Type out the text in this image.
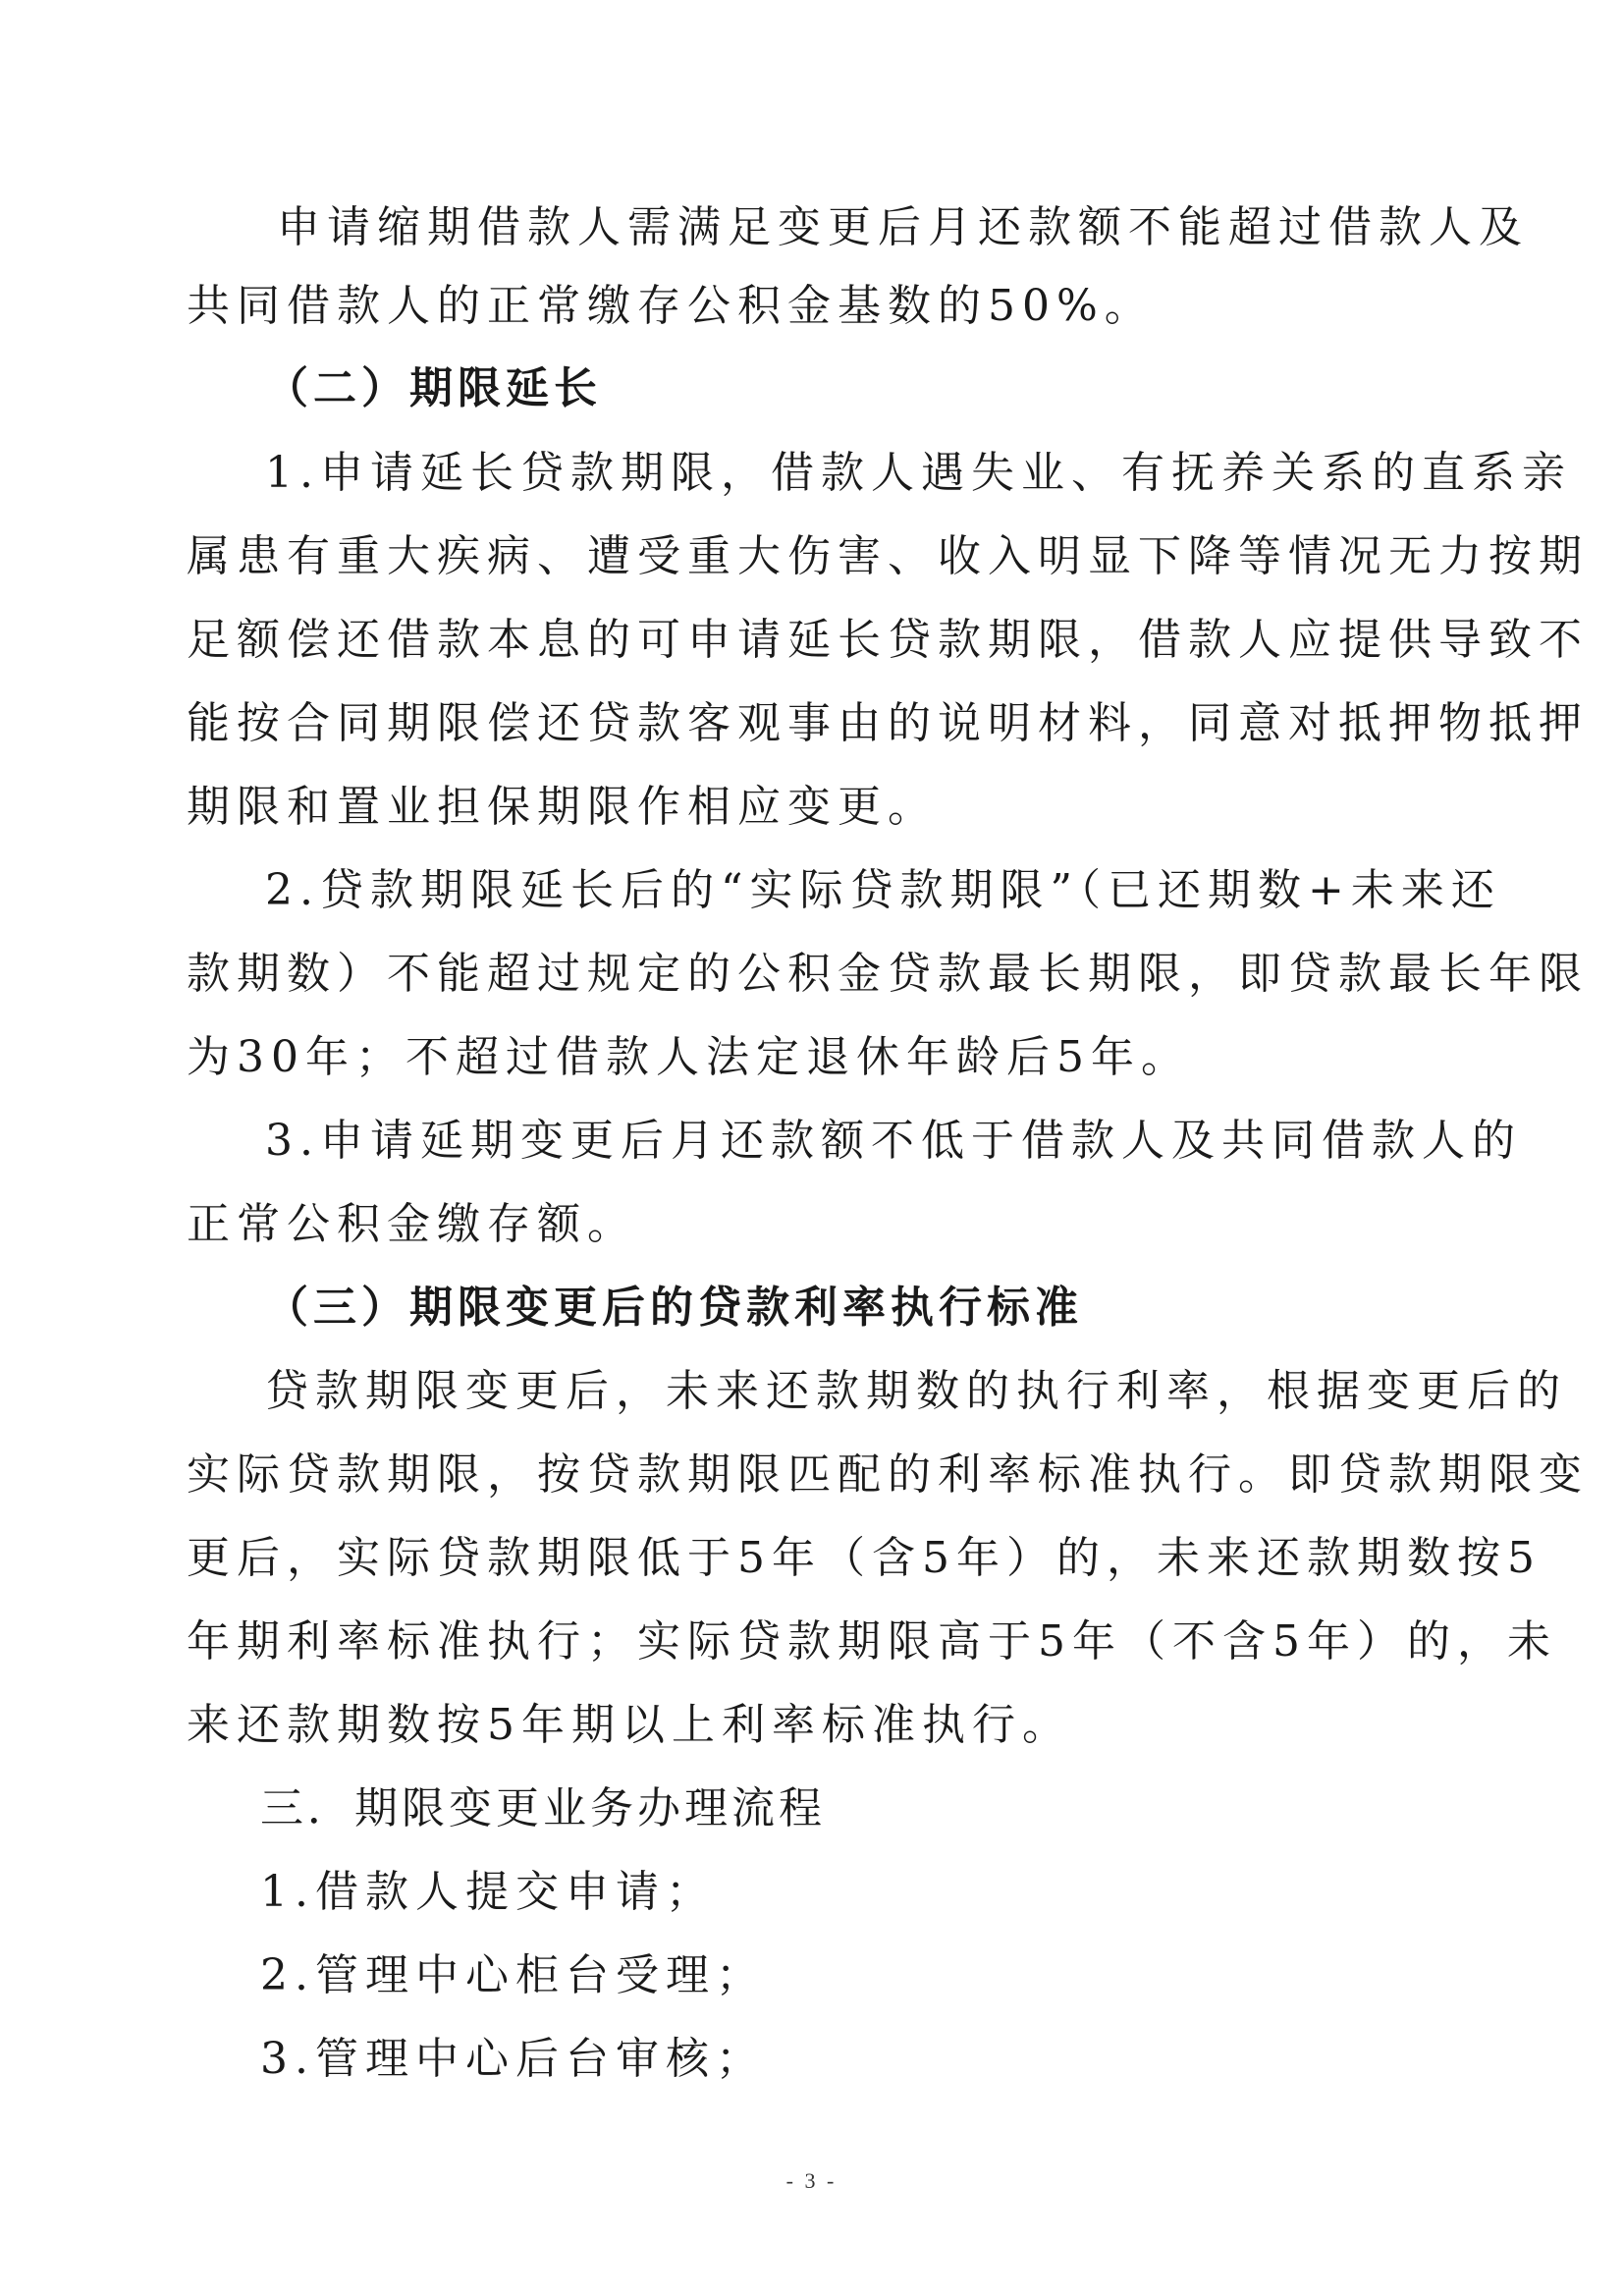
申请缩期借款人需满足变更后月还款额不能超过借款人及
共同借款人的正常缴存公积金基数的50%。
（二）期限延长
1.申请延长贷款期限，借款人遇失业、有抚养关系的直系亲
属患有重大疾病、遭受重大伤害、收入明显下降等情况无力按期
足额偿还借款本息的可申请延长贷款期限，借款人应提供导致不
能按合同期限偿还贷款客观事由的说明材料，同意对抵押物抵押
期限和置业担保期限作相应变更。
2.贷款期限延长后的“实际贷款期限”（已还期数+未来还
款期数）不能超过规定的公积金贷款最长期限，即贷款最长年限
为30年；不超过借款人法定退休年龄后5年。
3.申请延期变更后月还款额不低于借款人及共同借款人的
正常公积金缴存额。
（三）期限变更后的贷款利率执行标准
贷款期限变更后，未来还款期数的执行利率，根据变更后的
实际贷款期限，按贷款期限匹配的利率标准执行。即贷款期限变
更后，实际贷款期限低于5年（含5年）的，未来还款期数按5
年期利率标准执行；实际贷款期限高于5年（不含5年）的，未
来还款期数按5年期以上利率标准执行。
三．期限变更业务办理流程
1.借款人提交申请；
2.管理中心柜台受理；
3.管理中心后台审核；
- 3 -
